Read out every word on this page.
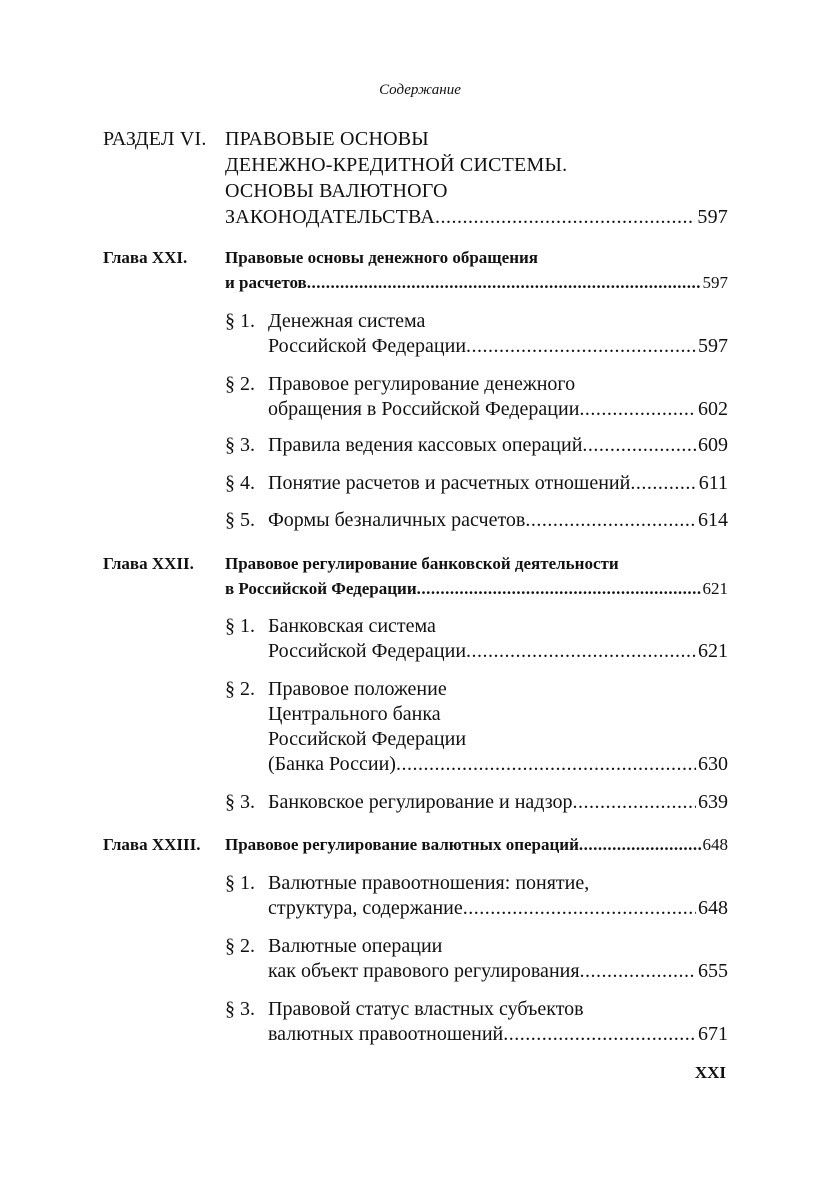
Содержание
РАЗДЕЛ VI. ПРАВОВЫЕ ОСНОВЫ
ДЕНЕЖНО-КРЕДИТНОЙ СИСТЕМЫ.
ОСНОВЫ ВАЛЮТНОГО
ЗАКОНОДАТЕЛЬСТВА .....	597
Глава XXI. Правовые основы денежного обращения
и расчетов .....	597
§ 1. Денежная система
Российской Федерации .....	597
§ 2. Правовое регулирование денежного
обращения в Российской Федерации .....	602
§ 3. Правила ведения кассовых операций .....	609
§ 4. Понятие расчетов и расчетных отношений .....	611
§ 5. Формы безналичных расчетов .....	614
Глава XXII. Правовое регулирование банковской деятельности
в Российской Федерации .....	621
§ 1. Банковская система
Российской Федерации .....	621
§ 2. Правовое положение
Центрального банка
Российской Федерации
(Банка России) .....	630
§ 3. Банковское регулирование и надзор .....	639
Глава XXIII. Правовое регулирование валютных операций .....	648
§ 1. Валютные правоотношения: понятие,
структура, содержание .....	648
§ 2. Валютные операции
как объект правового регулирования .....	655
§ 3. Правовой статус властных субъектов
валютных правоотношений .....	671
XXI
